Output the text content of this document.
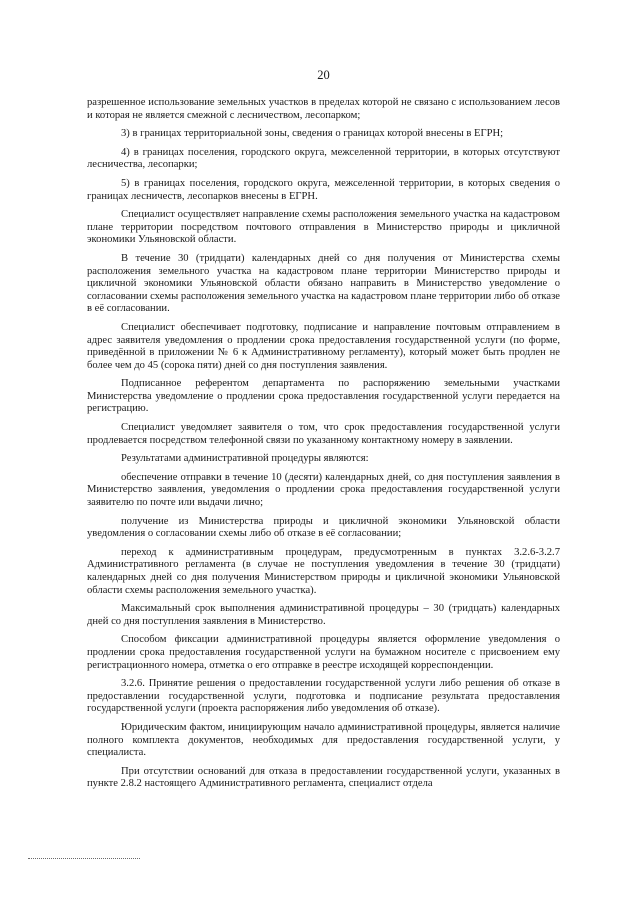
20

разрешенное использование земельных участков в пределах которой не связано с использованием лесов и которая не является смежной с лесничеством, лесопарком;

3) в границах территориальной зоны, сведения о границах которой внесены в ЕГРН;

4) в границах поселения, городского округа, межселенной территории, в которых отсутствуют лесничества, лесопарки;

5) в границах поселения, городского округа, межселенной территории, в которых сведения о границах лесничеств, лесопарков внесены в ЕГРН.

Специалист осуществляет направление схемы расположения земельного участка на кадастровом плане территории посредством почтового отправления в Министерство природы и цикличной экономики Ульяновской области.

В течение 30 (тридцати) календарных дней со дня получения от Министерства схемы расположения земельного участка на кадастровом плане территории Министерство природы и цикличной экономики Ульяновской области обязано направить в Министерство уведомление о согласовании схемы расположения земельного участка на кадастровом плане территории либо об отказе в её согласовании.

Специалист обеспечивает подготовку, подписание и направление почтовым отправлением в адрес заявителя уведомления о продлении срока предоставления государственной услуги (по форме, приведённой в приложении № 6 к Административному регламенту), который может быть продлен не более чем до 45 (сорока пяти) дней со дня поступления заявления.

Подписанное референтом департамента по распоряжению земельными участками Министерства уведомление о продлении срока предоставления государственной услуги передается на регистрацию.

Специалист уведомляет заявителя о том, что срок предоставления государственной услуги продлевается посредством телефонной связи по указанному контактному номеру в заявлении.

Результатами административной процедуры являются:

обеспечение отправки в течение 10 (десяти) календарных дней, со дня поступления заявления в Министерство заявления, уведомления о продлении срока предоставления государственной услуги заявителю по почте или выдачи лично;

получение из Министерства природы и цикличной экономики Ульяновской области уведомления о согласовании схемы либо об отказе в её согласовании;

переход к административным процедурам, предусмотренным в пунктах 3.2.6-3.2.7 Административного регламента (в случае не поступления уведомления в течение 30 (тридцати) календарных дней со дня получения Министерством природы и цикличной экономики Ульяновской области схемы расположения земельного участка).

Максимальный срок выполнения административной процедуры – 30 (тридцать) календарных дней со дня поступления заявления в Министерство.

Способом фиксации административной процедуры является оформление уведомления о продлении срока предоставления государственной услуги на бумажном носителе с присвоением ему регистрационного номера, отметка о его отправке в реестре исходящей корреспонденции.

3.2.6. Принятие решения о предоставлении государственной услуги либо решения об отказе в предоставлении государственной услуги, подготовка и подписание результата предоставления государственной услуги (проекта распоряжения либо уведомления об отказе).

Юридическим фактом, инициирующим начало административной процедуры, является наличие полного комплекта документов, необходимых для предоставления государственной услуги, у специалиста.

При отсутствии оснований для отказа в предоставлении государственной услуги, указанных в пункте 2.8.2 настоящего Административного регламента, специалист отдела
